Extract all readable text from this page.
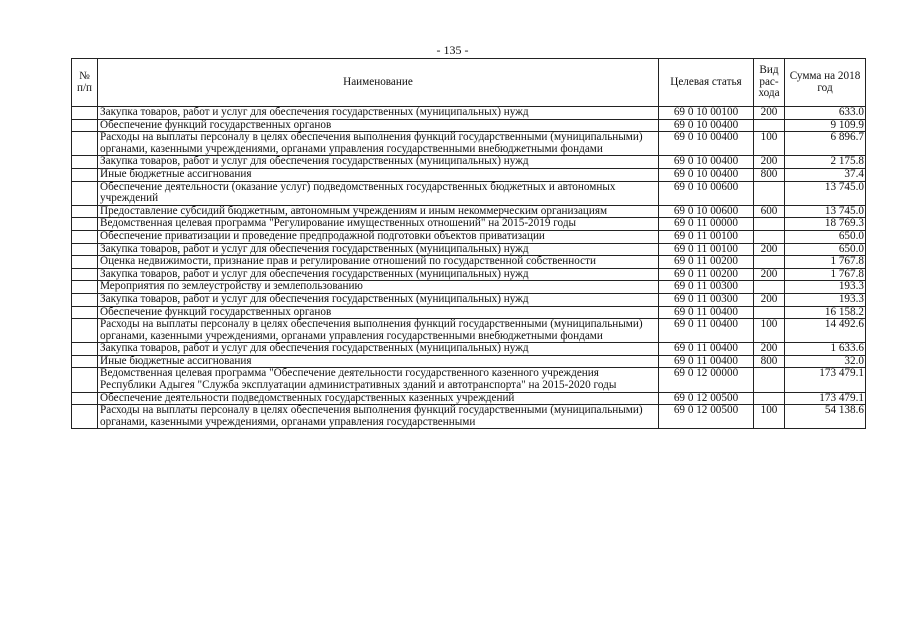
- 135 -
№ п/п	Наименование	Целевая статья	Вид рас-хода	Сумма на 2018 год
	Закупка товаров, работ и услуг для обеспечения государственных (муниципальных) нужд	69 0 10 00100	200	633.0
	Обеспечение функций государственных органов	69 0 10 00400		9 109.9
	Расходы на выплаты персоналу в целях обеспечения выполнения функций государственными (муниципальными) органами, казенными учреждениями, органами управления государственными внебюджетными фондами	69 0 10 00400	100	6 896.7
	Закупка товаров, работ и услуг для обеспечения государственных (муниципальных) нужд	69 0 10 00400	200	2 175.8
	Иные бюджетные ассигнования	69 0 10 00400	800	37.4
	Обеспечение деятельности (оказание услуг) подведомственных государственных бюджетных и автономных учреждений	69 0 10 00600		13 745.0
	Предоставление субсидий бюджетным, автономным учреждениям и иным некоммерческим организациям	69 0 10 00600	600	13 745.0
	Ведомственная целевая программа "Регулирование имущественных отношений" на 2015-2019 годы	69 0 11 00000		18 769.3
	Обеспечение приватизации и проведение предпродажной подготовки объектов приватизации	69 0 11 00100		650.0
	Закупка товаров, работ и услуг для обеспечения государственных (муниципальных) нужд	69 0 11 00100	200	650.0
	Оценка недвижимости, признание прав и регулирование отношений по государственной собственности	69 0 11 00200		1 767.8
	Закупка товаров, работ и услуг для обеспечения государственных (муниципальных) нужд	69 0 11 00200	200	1 767.8
	Мероприятия по землеустройству и землепользованию	69 0 11 00300		193.3
	Закупка товаров, работ и услуг для обеспечения государственных (муниципальных) нужд	69 0 11 00300	200	193.3
	Обеспечение функций государственных органов	69 0 11 00400		16 158.2
	Расходы на выплаты персоналу в целях обеспечения выполнения функций государственными (муниципальными) органами, казенными учреждениями, органами управления государственными внебюджетными фондами	69 0 11 00400	100	14 492.6
	Закупка товаров, работ и услуг для обеспечения государственных (муниципальных) нужд	69 0 11 00400	200	1 633.6
	Иные бюджетные ассигнования	69 0 11 00400	800	32.0
	Ведомственная целевая программа "Обеспечение деятельности государственного казенного учреждения Республики Адыгея "Служба эксплуатации административных зданий и автотранспорта" на 2015-2020 годы	69 0 12 00000		173 479.1
	Обеспечение деятельности подведомственных государственных казенных учреждений	69 0 12 00500		173 479.1
	Расходы на выплаты персоналу в целях обеспечения выполнения функций государственными (муниципальными) органами, казенными учреждениями, органами управления государственными	69 0 12 00500	100	54 138.6
